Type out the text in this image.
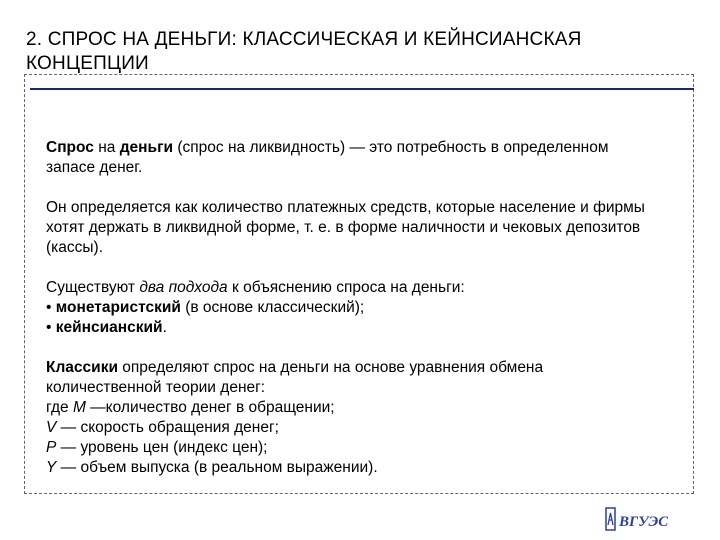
2. СПРОС НА ДЕНЬГИ: КЛАССИЧЕСКАЯ И КЕЙНСИАНСКАЯ КОНЦЕПЦИИ

Спрос на деньги (спрос на ликвидность) — это потребность в определенном запасе денег.

Он определяется как количество платежных средств, которые население и фирмы хотят держать в ликвидной форме, т. е. в форме наличности и чековых депозитов (кассы).

Существуют два подхода к объяснению спроса на деньги:
• монетаристский (в основе классический);
• кейнсианский.

Классики определяют спрос на деньги на основе уравнения обмена количественной теории денег:
где M —количество денег в обращении;
V — скорость обращения денег;
P — уровень цен (индекс цен);
Y — объем выпуска (в реальном выражении).

ВГУЭС
